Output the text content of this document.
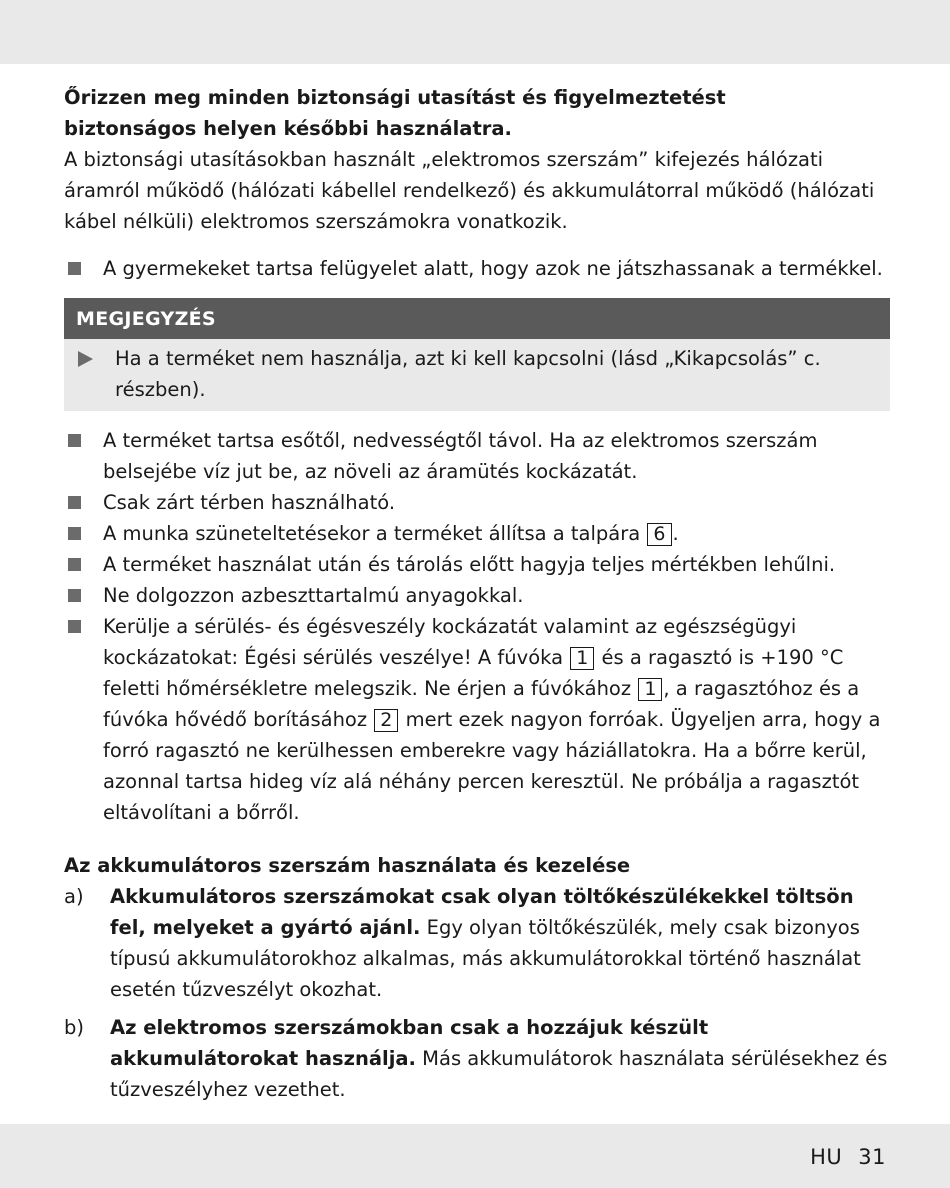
Őrizzen meg minden biztonsági utasítást és figyelmeztetést
biztonságos helyen későbbi használatra.

A biztonsági utasításokban használt „elektromos szerszám” kifejezés hálózati áramról működő (hálózati kábellel rendelkező) és akkumulátorral működő (hálózati kábel nélküli) elektromos szerszámokra vonatkozik.

A gyermekeket tartsa felügyelet alatt, hogy azok ne játszhassanak a termékkel.
MEGJEGYZÉS
Ha a terméket nem használja, azt ki kell kapcsolni (lásd „Kikapcsolás” c. részben).
A terméket tartsa esőtől, nedvességtől távol. Ha az elektromos szerszám belsejébe víz jut be, az növeli az áramütés kockázatát.
Csak zárt térben használható.
A munka szüneteltetésekor a terméket állítsa a talpára 6 .
A terméket használat után és tárolás előtt hagyja teljes mértékben lehűlni.
Ne dolgozzon azbeszttartalmú anyagokkal.
Kerülje a sérülés- és égésveszély kockázatát valamint az egészségügyi kockázatokat: Égési sérülés veszélye! A fúvóka 1 és a ragasztó is +190 °C feletti hőmérsékletre melegszik. Ne érjen a fúvókához 1 , a ragasztóhoz és a fúvóka hővédő borításához 2 mert ezek nagyon forróak. Ügyeljen arra, hogy a forró ragasztó ne kerülhessen emberekre vagy háziállatokra. Ha a bőrre kerül, azonnal tartsa hideg víz alá néhány percen keresztül. Ne próbálja a ragasztót eltávolítani a bőrről.

Az akkumulátoros szerszám használata és kezelése

a) Akkumulátoros szerszámokat csak olyan töltőkészülékekkel töltsön fel, melyeket a gyártó ajánl. Egy olyan töltőkészülék, mely csak bizonyos típusú akkumulátorokhoz alkalmas, más akkumulátorokkal történő használat esetén tűzveszélyt okozhat.
b) Az elektromos szerszámokban csak a hozzájuk készült akkumulátorokat használja. Más akkumulátorok használata sérülésekhez és tűzveszélyhez vezethet.
HU 31
